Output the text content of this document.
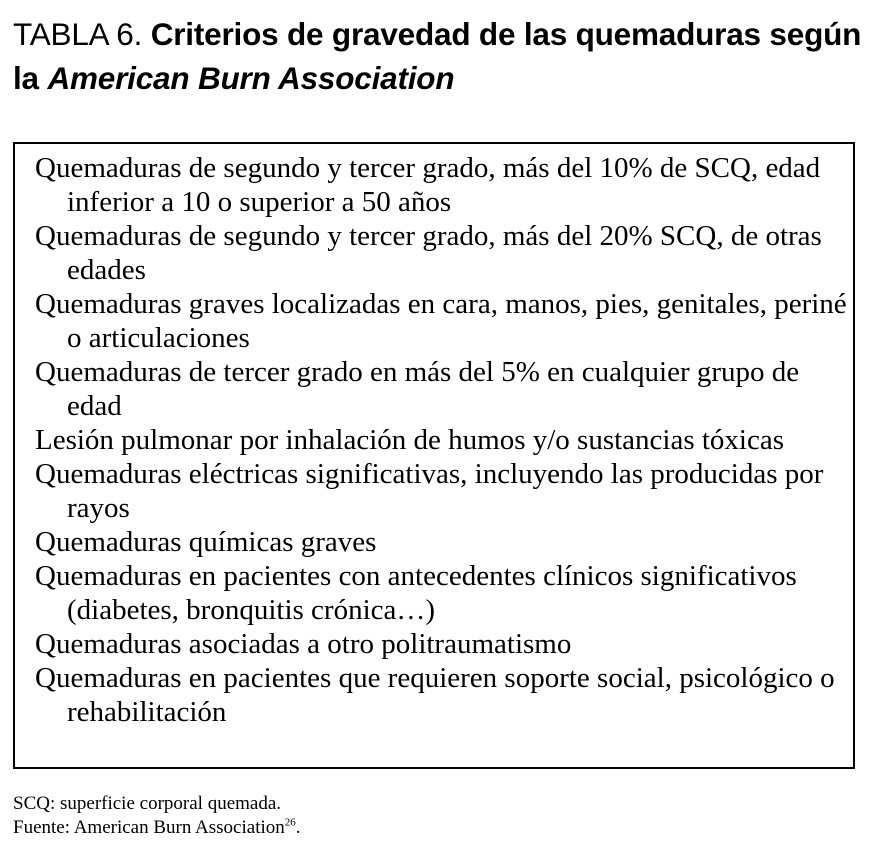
TABLA 6. Criterios de gravedad de las quemaduras según la American Burn Association
Quemaduras de segundo y tercer grado, más del 10% de SCQ, edad inferior a 10 o superior a 50 años
Quemaduras de segundo y tercer grado, más del 20% SCQ, de otras edades
Quemaduras graves localizadas en cara, manos, pies, genitales, periné o articulaciones
Quemaduras de tercer grado en más del 5% en cualquier grupo de edad
Lesión pulmonar por inhalación de humos y/o sustancias tóxicas
Quemaduras eléctricas significativas, incluyendo las producidas por rayos
Quemaduras químicas graves
Quemaduras en pacientes con antecedentes clínicos significativos (diabetes, bronquitis crónica…)
Quemaduras asociadas a otro politraumatismo
Quemaduras en pacientes que requieren soporte social, psicológico o rehabilitación
SCQ: superficie corporal quemada.
Fuente: American Burn Association$^{26}$.
